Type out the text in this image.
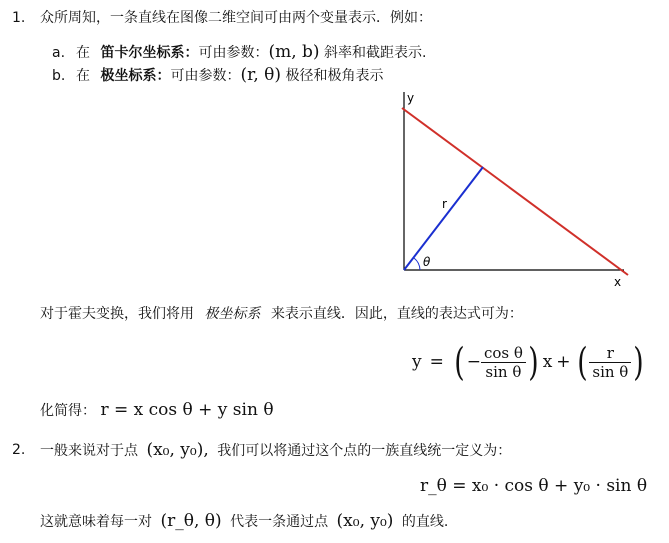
1. 众所周知，一条直线在图像二维空间可由两个变量表示．例如：
a. 在 笛卡尔坐标系：可由参数：(m, b) 斜率和截距表示.
b. 在 极坐标系：可由参数：(r, θ) 极径和极角表示
y
x
r
θ
对于霍夫变换，我们将用 极坐标系 来表示直线．因此，直线的表达式可为：
y = ( − $\frac{\text{cos θ}}{\text{sin θ}}$ ) x + ( $\frac{r}{\text{sin θ}}$ )
化简得： r = x cos θ + y sin θ
2. 一般来说对于点 (x₀, y₀), 我们可以将通过这个点的一族直线统一定义为：
r_θ = x₀ · cos θ + y₀ · sin θ
这就意味着每一对 (r_θ, θ) 代表一条通过点 (x₀, y₀) 的直线.
